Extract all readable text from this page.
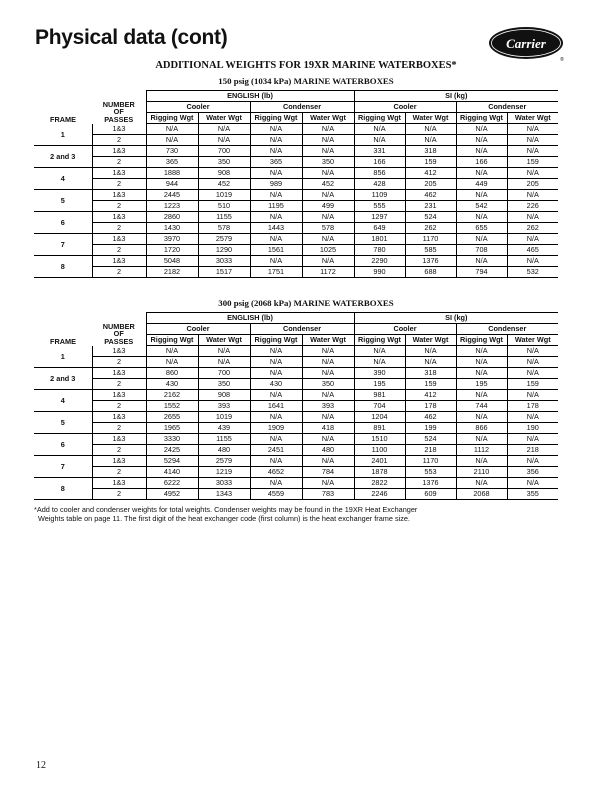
Physical data (cont)	Carrier
®
ADDITIONAL WEIGHTS FOR 19XR MARINE WATERBOXES*
150 psig (1034 kPa) MARINE WATERBOXES
FRAME	NUMBER
OF
PASSES	ENGLISH (lb)				SI (kg)			
		Cooler		Condenser		Cooler		Condenser	
		Rigging Wgt	Water Wgt	Rigging Wgt	Water Wgt	Rigging Wgt	Water Wgt	Rigging Wgt	Water Wgt
1	1&3	N/A	N/A	N/A	N/A	N/A	N/A	N/A	N/A
	2	N/A	N/A	N/A	N/A	N/A	N/A	N/A	N/A
2 and 3	1&3	730	700	N/A	N/A	331	318	N/A	N/A
	2	365	350	365	350	166	159	166	159
4	1&3	1888	908	N/A	N/A	856	412	N/A	N/A
	2	944	452	989	452	428	205	449	205
5	1&3	2445	1019	N/A	N/A	1109	462	N/A	N/A
	2	1223	510	1195	499	555	231	542	226
6	1&3	2860	1155	N/A	N/A	1297	524	N/A	N/A
	2	1430	578	1443	578	649	262	655	262
7	1&3	3970	2579	N/A	N/A	1801	1170	N/A	N/A
	2	1720	1290	1561	1025	780	585	708	465
8	1&3	5048	3033	N/A	N/A	2290	1376	N/A	N/A
	2	2182	1517	1751	1172	990	688	794	532
300 psig (2068 kPa) MARINE WATERBOXES
FRAME	NUMBER
OF
PASSES	ENGLISH (lb)				SI (kg)			
		Cooler		Condenser		Cooler		Condenser	
		Rigging Wgt	Water Wgt	Rigging Wgt	Water Wgt	Rigging Wgt	Water Wgt	Rigging Wgt	Water Wgt
1	1&3	N/A	N/A	N/A	N/A	N/A	N/A	N/A	N/A
	2	N/A	N/A	N/A	N/A	N/A	N/A	N/A	N/A
2 and 3	1&3	860	700	N/A	N/A	390	318	N/A	N/A
	2	430	350	430	350	195	159	195	159
4	1&3	2162	908	N/A	N/A	981	412	N/A	N/A
	2	1552	393	1641	393	704	178	744	178
5	1&3	2655	1019	N/A	N/A	1204	462	N/A	N/A
	2	1965	439	1909	418	891	199	866	190
6	1&3	3330	1155	N/A	N/A	1510	524	N/A	N/A
	2	2425	480	2451	480	1100	218	1112	218
7	1&3	5294	2579	N/A	N/A	2401	1170	N/A	N/A
	2	4140	1219	4652	784	1878	553	2110	356
8	1&3	6222	3033	N/A	N/A	2822	1376	N/A	N/A
	2	4952	1343	4559	783	2246	609	2068	355
*Add to cooler and condenser weights for total weights. Condenser weights may be found in the 19XR Heat Exchanger
Weights table on page 11. The first digit of the heat exchanger code (first column) is the heat exchanger frame size.
12
